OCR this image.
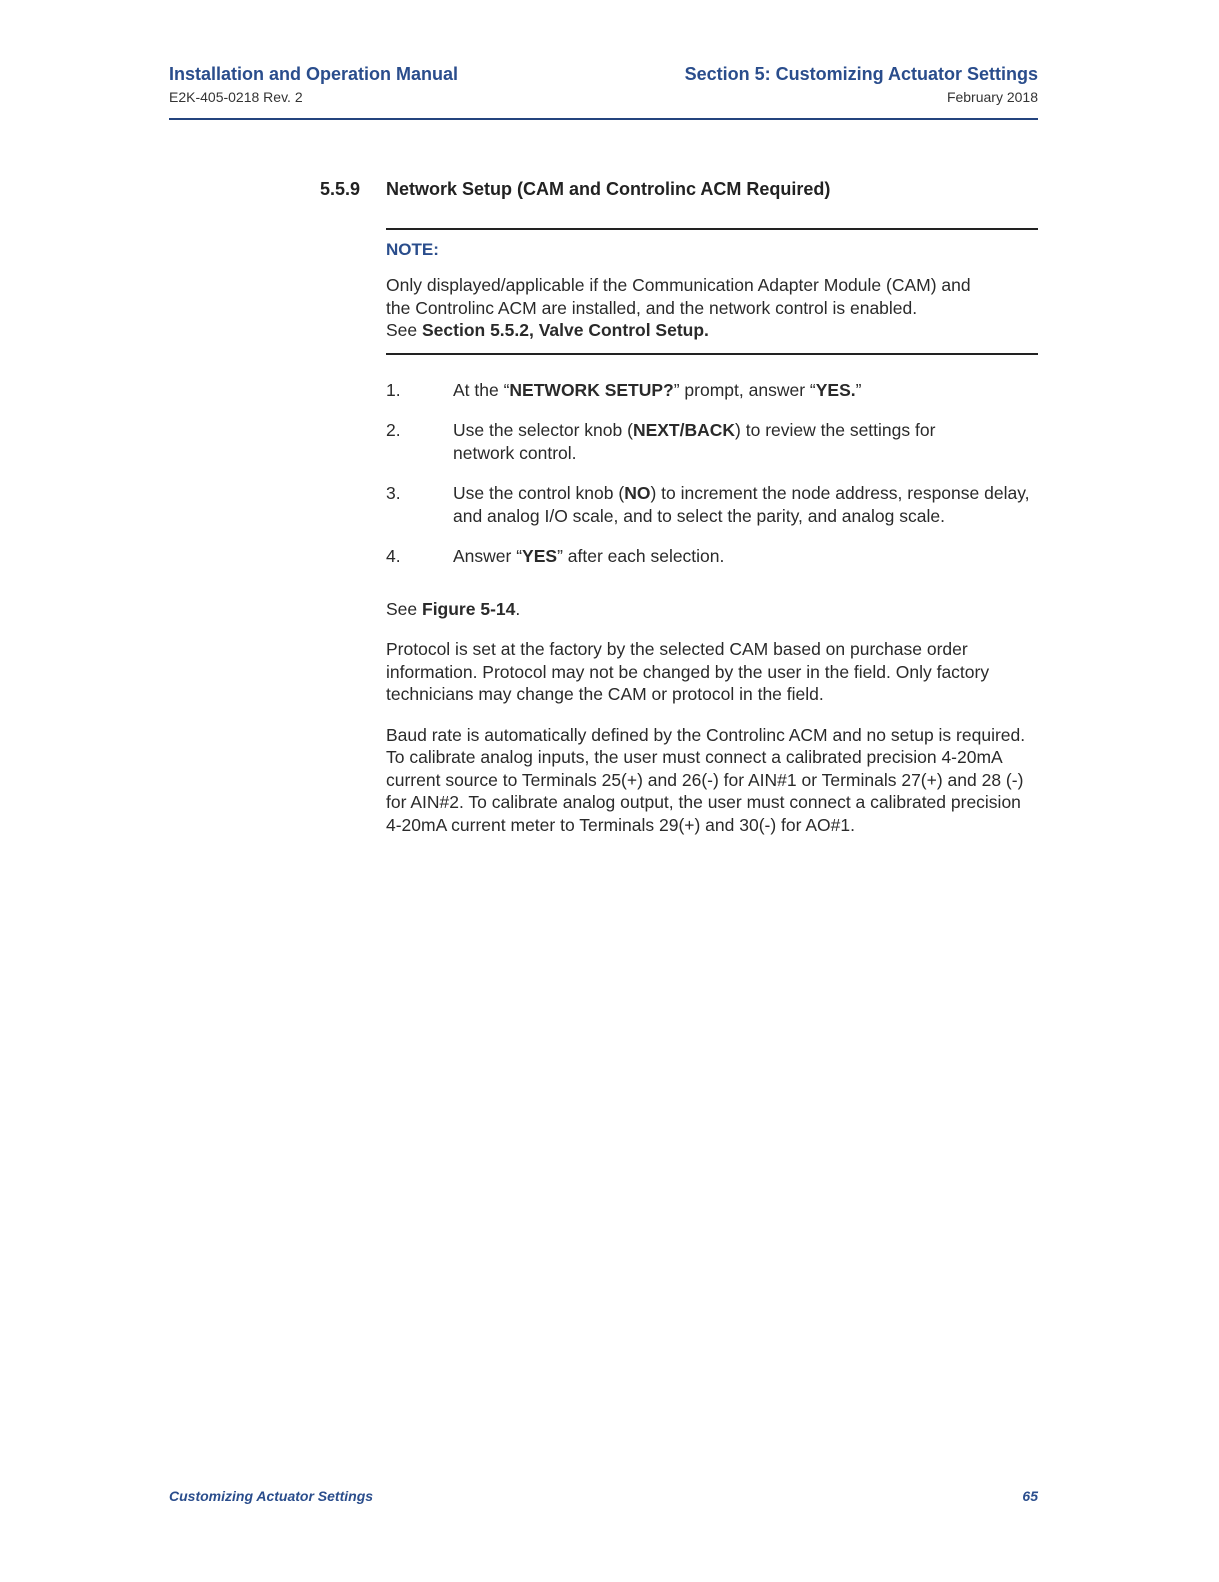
Installation and Operation Manual
E2K-405-0218 Rev. 2
Section 5: Customizing Actuator Settings
February 2018
5.5.9 Network Setup (CAM and Controlinc ACM Required)
NOTE:

Only displayed/applicable if the Communication Adapter Module (CAM) and

the Controlinc ACM are installed, and the network control is enabled.

See Section 5.5.2, Valve Control Setup.

1.	At the “NETWORK SETUP?” prompt, answer “YES.”
2.	Use the selector knob (NEXT/BACK) to review the settings for
network control.
3.	Use the control knob (NO) to increment the node address, response delay,
and analog I/O scale, and to select the parity, and analog scale.
4.	Answer “YES” after each selection.

See Figure 5-14.

Protocol is set at the factory by the selected CAM based on purchase order
information. Protocol may not be changed by the user in the field. Only factory
technicians may change the CAM or protocol in the field.

Baud rate is automatically defined by the Controlinc ACM and no setup is required.
To calibrate analog inputs, the user must connect a calibrated precision 4-20mA
current source to Terminals 25(+) and 26(-) for AIN#1 or Terminals 27(+) and 28 (-)
for AIN#2. To calibrate analog output, the user must connect a calibrated precision
4-20mA current meter to Terminals 29(+) and 30(-) for AO#1.

Customizing Actuator Settings	65
